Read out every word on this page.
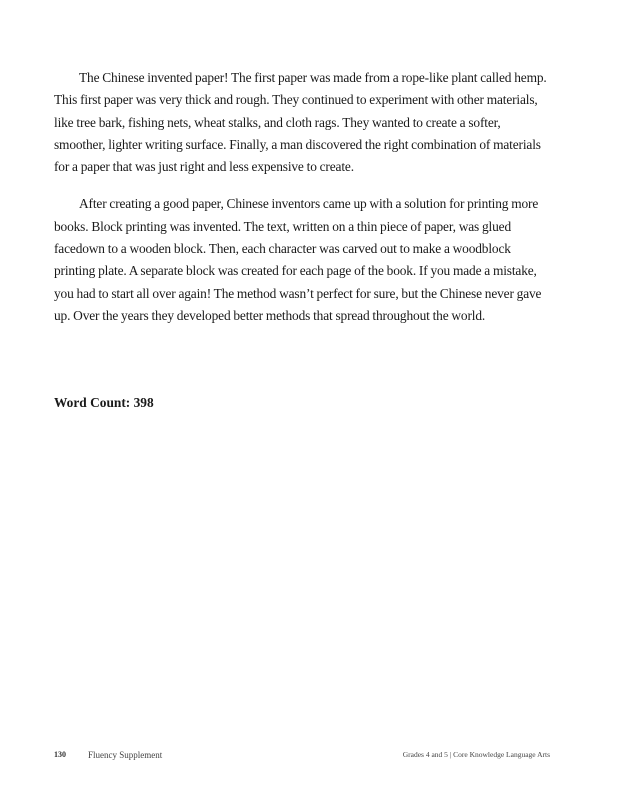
The Chinese invented paper! The first paper was made from a rope-like plant called hemp. This first paper was very thick and rough. They continued to experiment with other materials, like tree bark, fishing nets, wheat stalks, and cloth rags. They wanted to create a softer, smoother, lighter writing surface. Finally, a man discovered the right combination of materials for a paper that was just right and less expensive to create.

After creating a good paper, Chinese inventors came up with a solution for printing more books. Block printing was invented. The text, written on a thin piece of paper, was glued facedown to a wooden block. Then, each character was carved out to make a woodblock printing plate. A separate block was created for each page of the book. If you made a mistake, you had to start all over again! The method wasn’t perfect for sure, but the Chinese never gave up. Over the years they developed better methods that spread throughout the world.

Word Count: 398
130 Fluency Supplement	Grades 4 and 5 | Core Knowledge Language Arts
